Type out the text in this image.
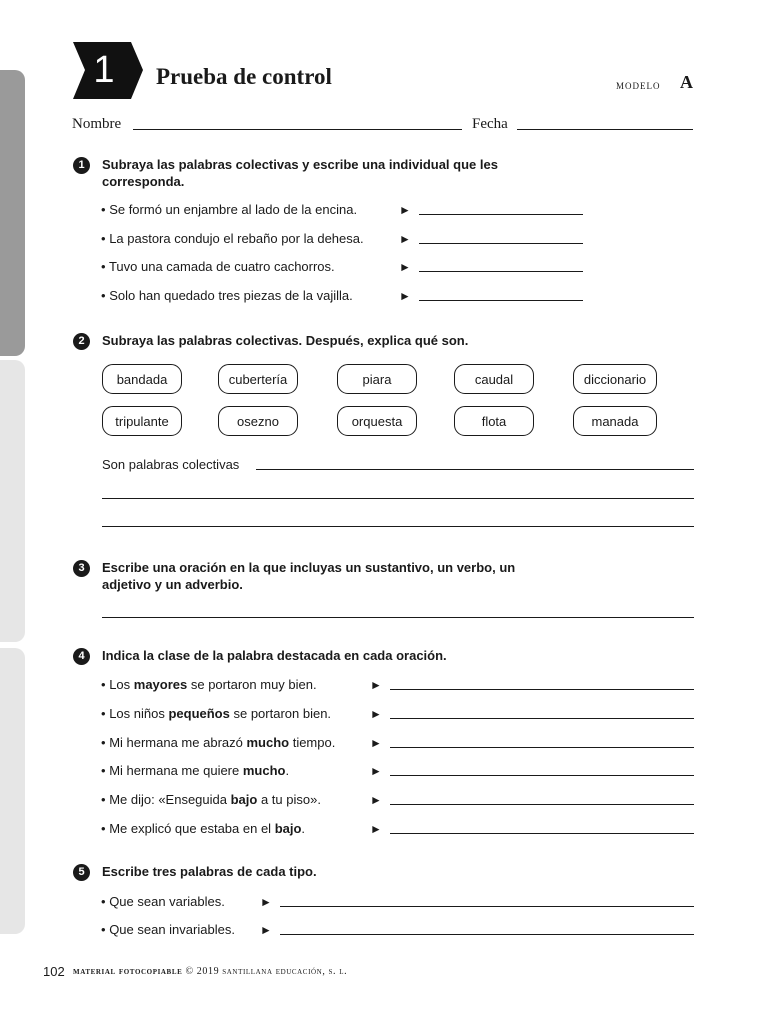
1	Prueba de control	modelo A
Nombre	Fecha
1	Subraya las palabras colectivas y escribe una individual que les corresponda.
• Se formó un enjambre al lado de la encina.	►
• La pastora condujo el rebaño por la dehesa.	►
• Tuvo una camada de cuatro cachorros.	►
• Solo han quedado tres piezas de la vajilla.	►
2	Subraya las palabras colectivas. Después, explica qué son.
bandada	cubertería	piara	caudal	diccionario
tripulante	osezno	orquesta	flota	manada
Son palabras colectivas
3	Escribe una oración en la que incluyas un sustantivo, un verbo, un adjetivo y un adverbio.
4	Indica la clase de la palabra destacada en cada oración.
• Los mayores se portaron muy bien.	►
• Los niños pequeños se portaron bien.	►
• Mi hermana me abrazó mucho tiempo.	►
• Mi hermana me quiere mucho.	►
• Me dijo: «Enseguida bajo a tu piso».	►
• Me explicó que estaba en el bajo.	►
5	Escribe tres palabras de cada tipo.
• Que sean variables.	►
• Que sean invariables. ►
102 material fotocopiable © 2019 santillana educación, s. l.
